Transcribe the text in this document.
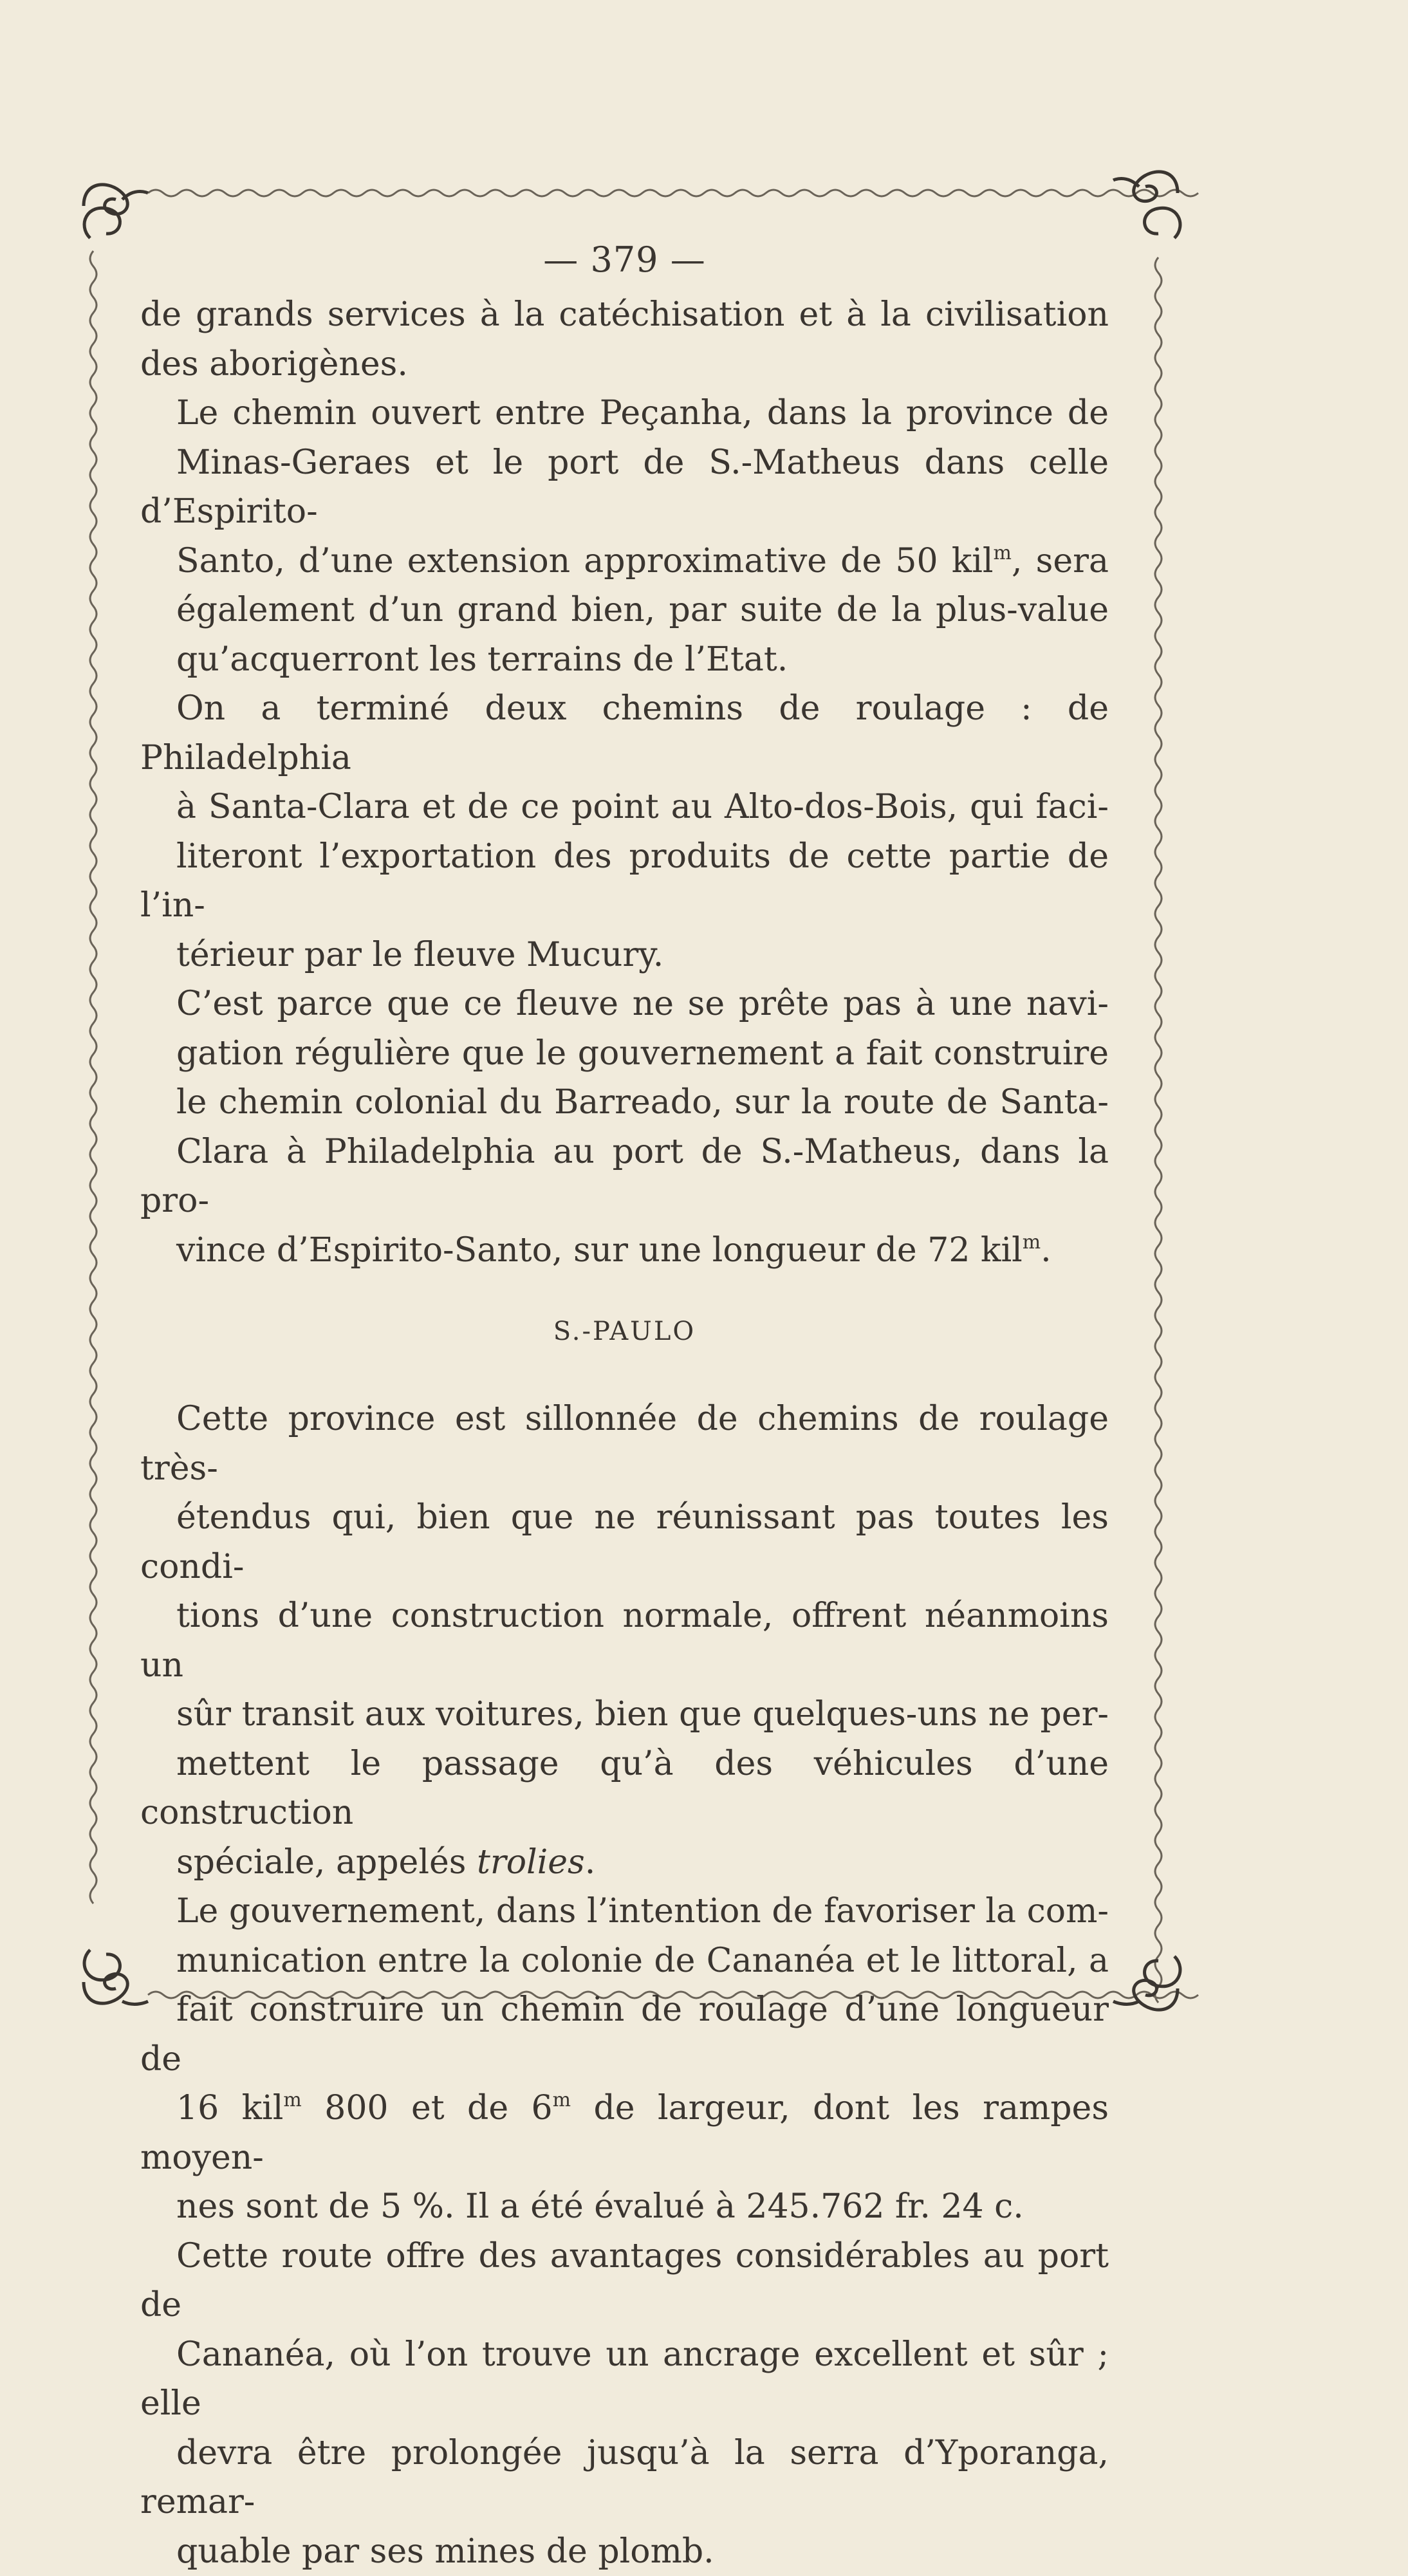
— 379 —

de grands services à la catéchisation et à la civilisation
des aborigènes.

Le chemin ouvert entre Peçanha, dans la province de
Minas-Geraes et le port de S.-Matheus dans celle d’Espirito-
Santo, d’une extension approximative de 50 kil$^m$, sera
également d’un grand bien, par suite de la plus-value
qu’acquerront les terrains de l’Etat.

On a terminé deux chemins de roulage : de Philadelphia
à Santa-Clara et de ce point au Alto-dos-Bois, qui faci-
literont l’exportation des produits de cette partie de l’in-
térieur par le fleuve Mucury.

C’est parce que ce fleuve ne se prête pas à une navi-
gation régulière que le gouvernement a fait construire
le chemin colonial du Barreado, sur la route de Santa-
Clara à Philadelphia au port de S.-Matheus, dans la pro-
vince d’Espirito-Santo, sur une longueur de 72 kil$^m$.

S.-PAULO

Cette province est sillonnée de chemins de roulage très-
étendus qui, bien que ne réunissant pas toutes les condi-
tions d’une construction normale, offrent néanmoins un
sûr transit aux voitures, bien que quelques-uns ne per-
mettent le passage qu’à des véhicules d’une construction
spéciale, appelés trolies.

Le gouvernement, dans l’intention de favoriser la com-
munication entre la colonie de Cananéa et le littoral, a
fait construire un chemin de roulage d’une longueur de
16 kil$^m$ 800 et de 6$^m$ de largeur, dont les rampes moyen-
nes sont de 5 %. Il a été évalué à 245.762 fr. 24 c.

Cette route offre des avantages considérables au port de
Cananéa, où l’on trouve un ancrage excellent et sûr ; elle
devra être prolongée jusqu’à la serra d’Yporanga, remar-
quable par ses mines de plomb.
